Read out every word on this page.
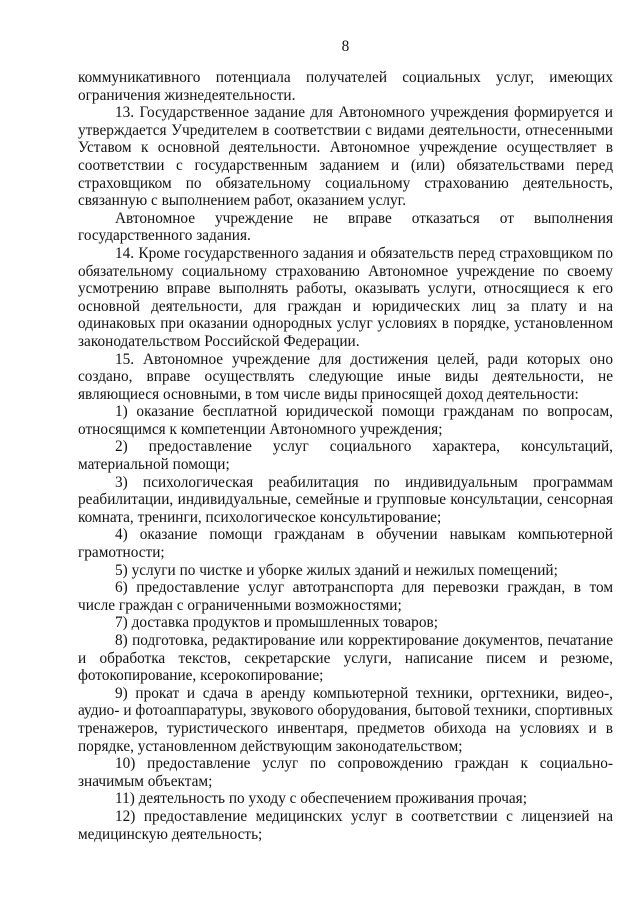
8

коммуникативного потенциала получателей социальных услуг, имеющих ограничения жизнедеятельности.

13. Государственное задание для Автономного учреждения формируется и утверждается Учредителем в соответствии с видами деятельности, отнесенными Уставом к основной деятельности. Автономное учреждение осуществляет в соответствии с государственным заданием и (или) обязательствами перед страховщиком по обязательному социальному страхованию деятельность, связанную с выполнением работ, оказанием услуг.

Автономное учреждение не вправе отказаться от выполнения государственного задания.

14. Кроме государственного задания и обязательств перед страховщиком по обязательному социальному страхованию Автономное учреждение по своему усмотрению вправе выполнять работы, оказывать услуги, относящиеся к его основной деятельности, для граждан и юридических лиц за плату и на одинаковых при оказании однородных услуг условиях в порядке, установленном законодательством Российской Федерации.

15. Автономное учреждение для достижения целей, ради которых оно создано, вправе осуществлять следующие иные виды деятельности, не являющиеся основными, в том числе виды приносящей доход деятельности:

1) оказание бесплатной юридической помощи гражданам по вопросам, относящимся к компетенции Автономного учреждения;

2) предоставление услуг социального характера, консультаций, материальной помощи;

3) психологическая реабилитация по индивидуальным программам реабилитации, индивидуальные, семейные и групповые консультации, сенсорная комната, тренинги, психологическое консультирование;

4) оказание помощи гражданам в обучении навыкам компьютерной грамотности;

5) услуги по чистке и уборке жилых зданий и нежилых помещений;

6) предоставление услуг автотранспорта для перевозки граждан, в том числе граждан с ограниченными возможностями;

7) доставка продуктов и промышленных товаров;

8) подготовка, редактирование или корректирование документов, печатание и обработка текстов, секретарские услуги, написание писем и резюме, фотокопирование, ксерокопирование;

9) прокат и сдача в аренду компьютерной техники, оргтехники, видео-, аудио- и фотоаппаратуры, звукового оборудования, бытовой техники, спортивных тренажеров, туристического инвентаря, предметов обихода на условиях и в порядке, установленном действующим законодательством;

10) предоставление услуг по сопровождению граждан к социально-значимым объектам;

11) деятельность по уходу с обеспечением проживания прочая;

12) предоставление медицинских услуг в соответствии с лицензией на медицинскую деятельность;
